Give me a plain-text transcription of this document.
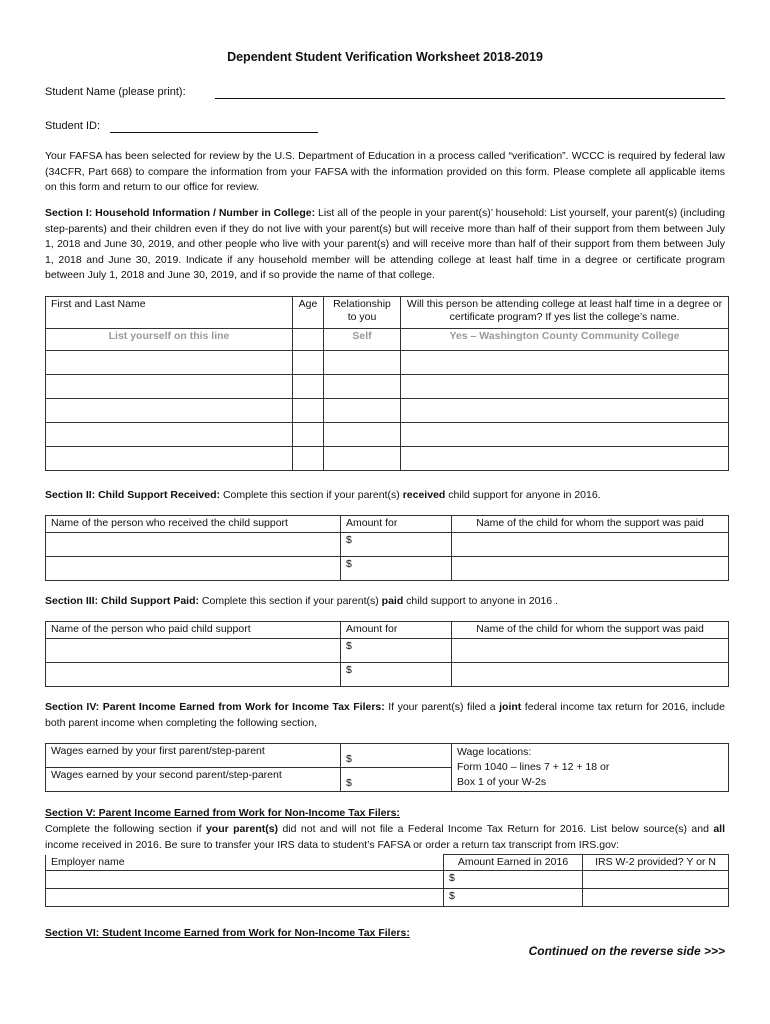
Dependent Student Verification Worksheet 2018-2019
Student Name (please print):
Student ID:
Your FAFSA has been selected for review by the U.S. Department of Education in a process called “verification”. WCCC is required by federal law (34CFR, Part 668) to compare the information from your FAFSA with the information provided on this form. Please complete all applicable items on this form and return to our office for review.
Section I: Household Information / Number in College: List all of the people in your parent(s)’ household: List yourself, your parent(s) (including step-parents) and their children even if they do not live with your parent(s) but will receive more than half of their support from them between July 1, 2018 and June 30, 2019, and other people who live with your parent(s) and will receive more than half of their support from them between July 1, 2018 and June 30, 2019. Indicate if any household member will be attending college at least half time in a degree or certificate program between July 1, 2018 and June 30, 2019, and if so provide the name of that college.
First and Last Name	Age	Relationship to you	Will this person be attending college at least half time in a degree or certificate program? If yes list the college’s name.
List yourself on this line		Self	Yes – Washington County Community College

Section II: Child Support Received: Complete this section if your parent(s) received child support for anyone in 2016.
Name of the person who received the child support	Amount for	Name of the child for whom the support was paid
	$	
	$	
Section III: Child Support Paid: Complete this section if your parent(s) paid child support to anyone in 2016 .
Name of the person who paid child support	Amount for	Name of the child for whom the support was paid
	$	
	$	
Section IV: Parent Income Earned from Work for Income Tax Filers: If your parent(s) filed a joint federal income tax return for 2016, include both parent income when completing the following section,
Wages earned by your first parent/step-parent	$	Wage locations:
Form 1040 – lines 7 + 12 + 18 or
Box 1 of your W-2s

Wages earned by your second parent/step-parent	$	
Section V: Parent Income Earned from Work for Non-Income Tax Filers:
Complete the following section if your parent(s) did not and will not file a Federal Income Tax Return for 2016. List below source(s) and all income received in 2016. Be sure to transfer your IRS data to student’s FAFSA or order a return tax transcript from IRS.gov:
Employer name	Amount Earned in 2016	IRS W-2 provided? Y or N
	$	
	$	
Section VI: Student Income Earned from Work for Non-Income Tax Filers:
Continued on the reverse side >>>
